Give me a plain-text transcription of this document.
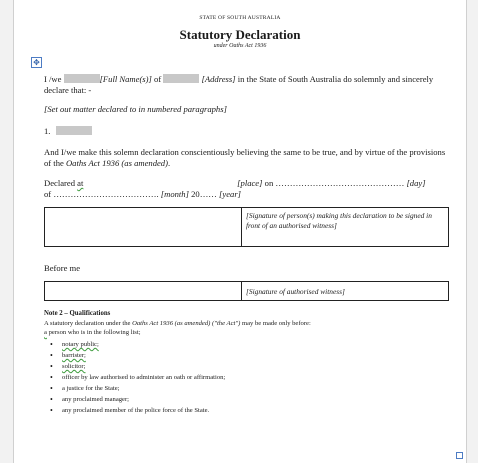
STATE OF SOUTH AUSTRALIA
Statutory Declaration
under Oaths Act 1936
✥
I /we	[Full Name(s)] of	[Address] in the State of South Australia do solemnly and sincerely declare that: -
[Set out matter declared to in numbered paragraphs]
1.
And I/we make this solemn declaration conscientiously believing the same to be true, and by virtue of the provisions of the Oaths Act 1936 (as amended).
Declared at	[place] on ……………………………………… [day]
of ………………………………. [month] 20…… [year]
[Signature of person(s) making this declaration to be signed in front of an authorised witness]
Before me
[Signature of authorised witness]
Note 2 – Qualifications
A statutory declaration under the Oaths Act 1936 (as amended) ("the Act") may be made only before:
a person who is in the following list;
• notary public;
• barrister;
• solicitor;
• officer by law authorised to administer an oath or affirmation;
• a justice for the State;
• any proclaimed manager;
• any proclaimed member of the police force of the State.
